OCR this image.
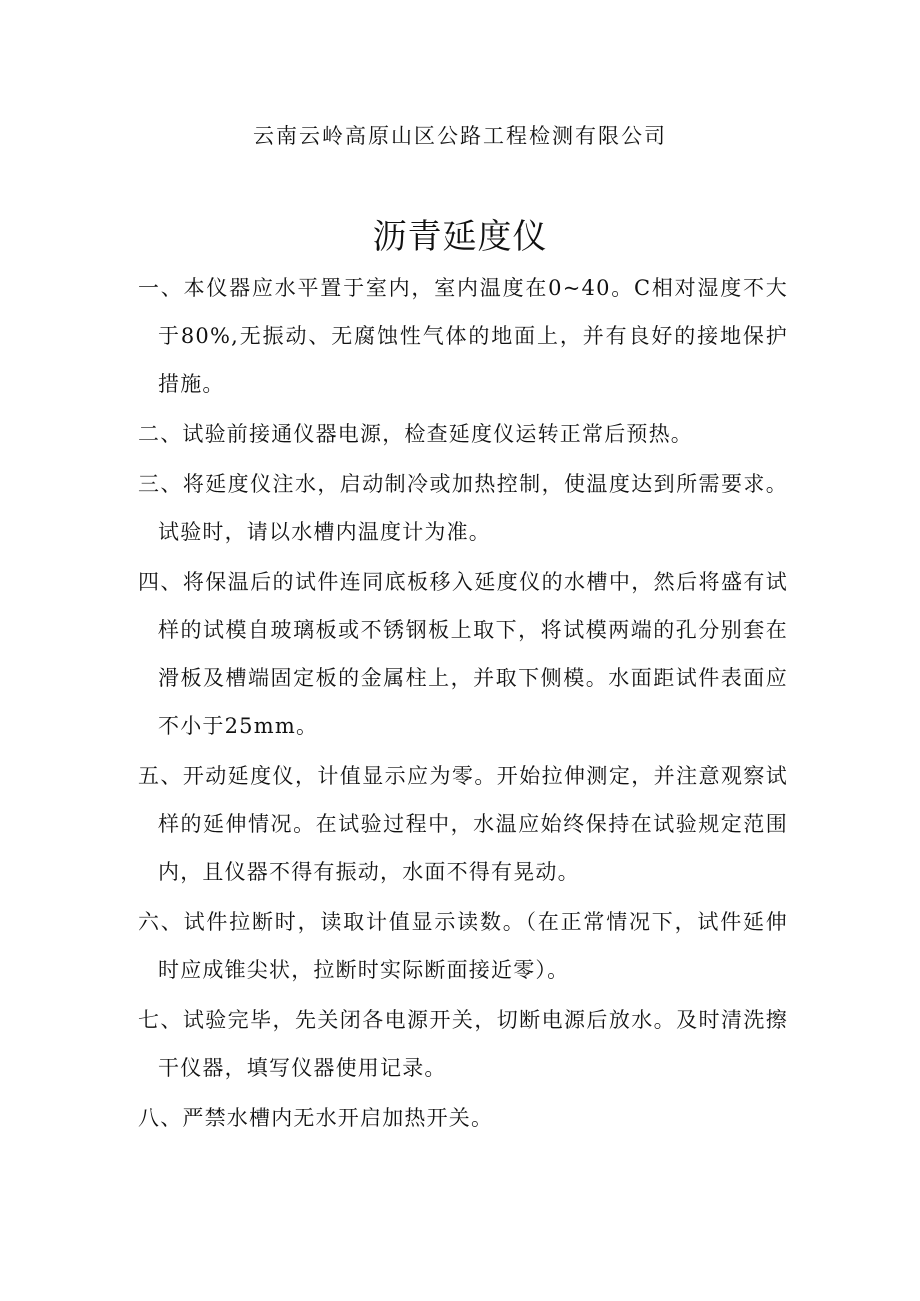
云南云岭高原山区公路工程检测有限公司
沥青延度仪
一、本仪器应水平置于室内，室内温度在0~40。C相对湿度不大于80%,无振动、无腐蚀性气体的地面上，并有良好的接地保护措施。
二、试验前接通仪器电源，检查延度仪运转正常后预热。
三、将延度仪注水，启动制冷或加热控制，使温度达到所需要求。试验时，请以水槽内温度计为准。
四、将保温后的试件连同底板移入延度仪的水槽中，然后将盛有试样的试模自玻璃板或不锈钢板上取下，将试模两端的孔分别套在滑板及槽端固定板的金属柱上，并取下侧模。水面距试件表面应不小于25mm。
五、开动延度仪，计值显示应为零。开始拉伸测定，并注意观察试样的延伸情况。在试验过程中，水温应始终保持在试验规定范围内，且仪器不得有振动，水面不得有晃动。
六、试件拉断时，读取计值显示读数。（在正常情况下，试件延伸时应成锥尖状，拉断时实际断面接近零）。
七、试验完毕，先关闭各电源开关，切断电源后放水。及时清洗擦干仪器，填写仪器使用记录。
八、严禁水槽内无水开启加热开关。
